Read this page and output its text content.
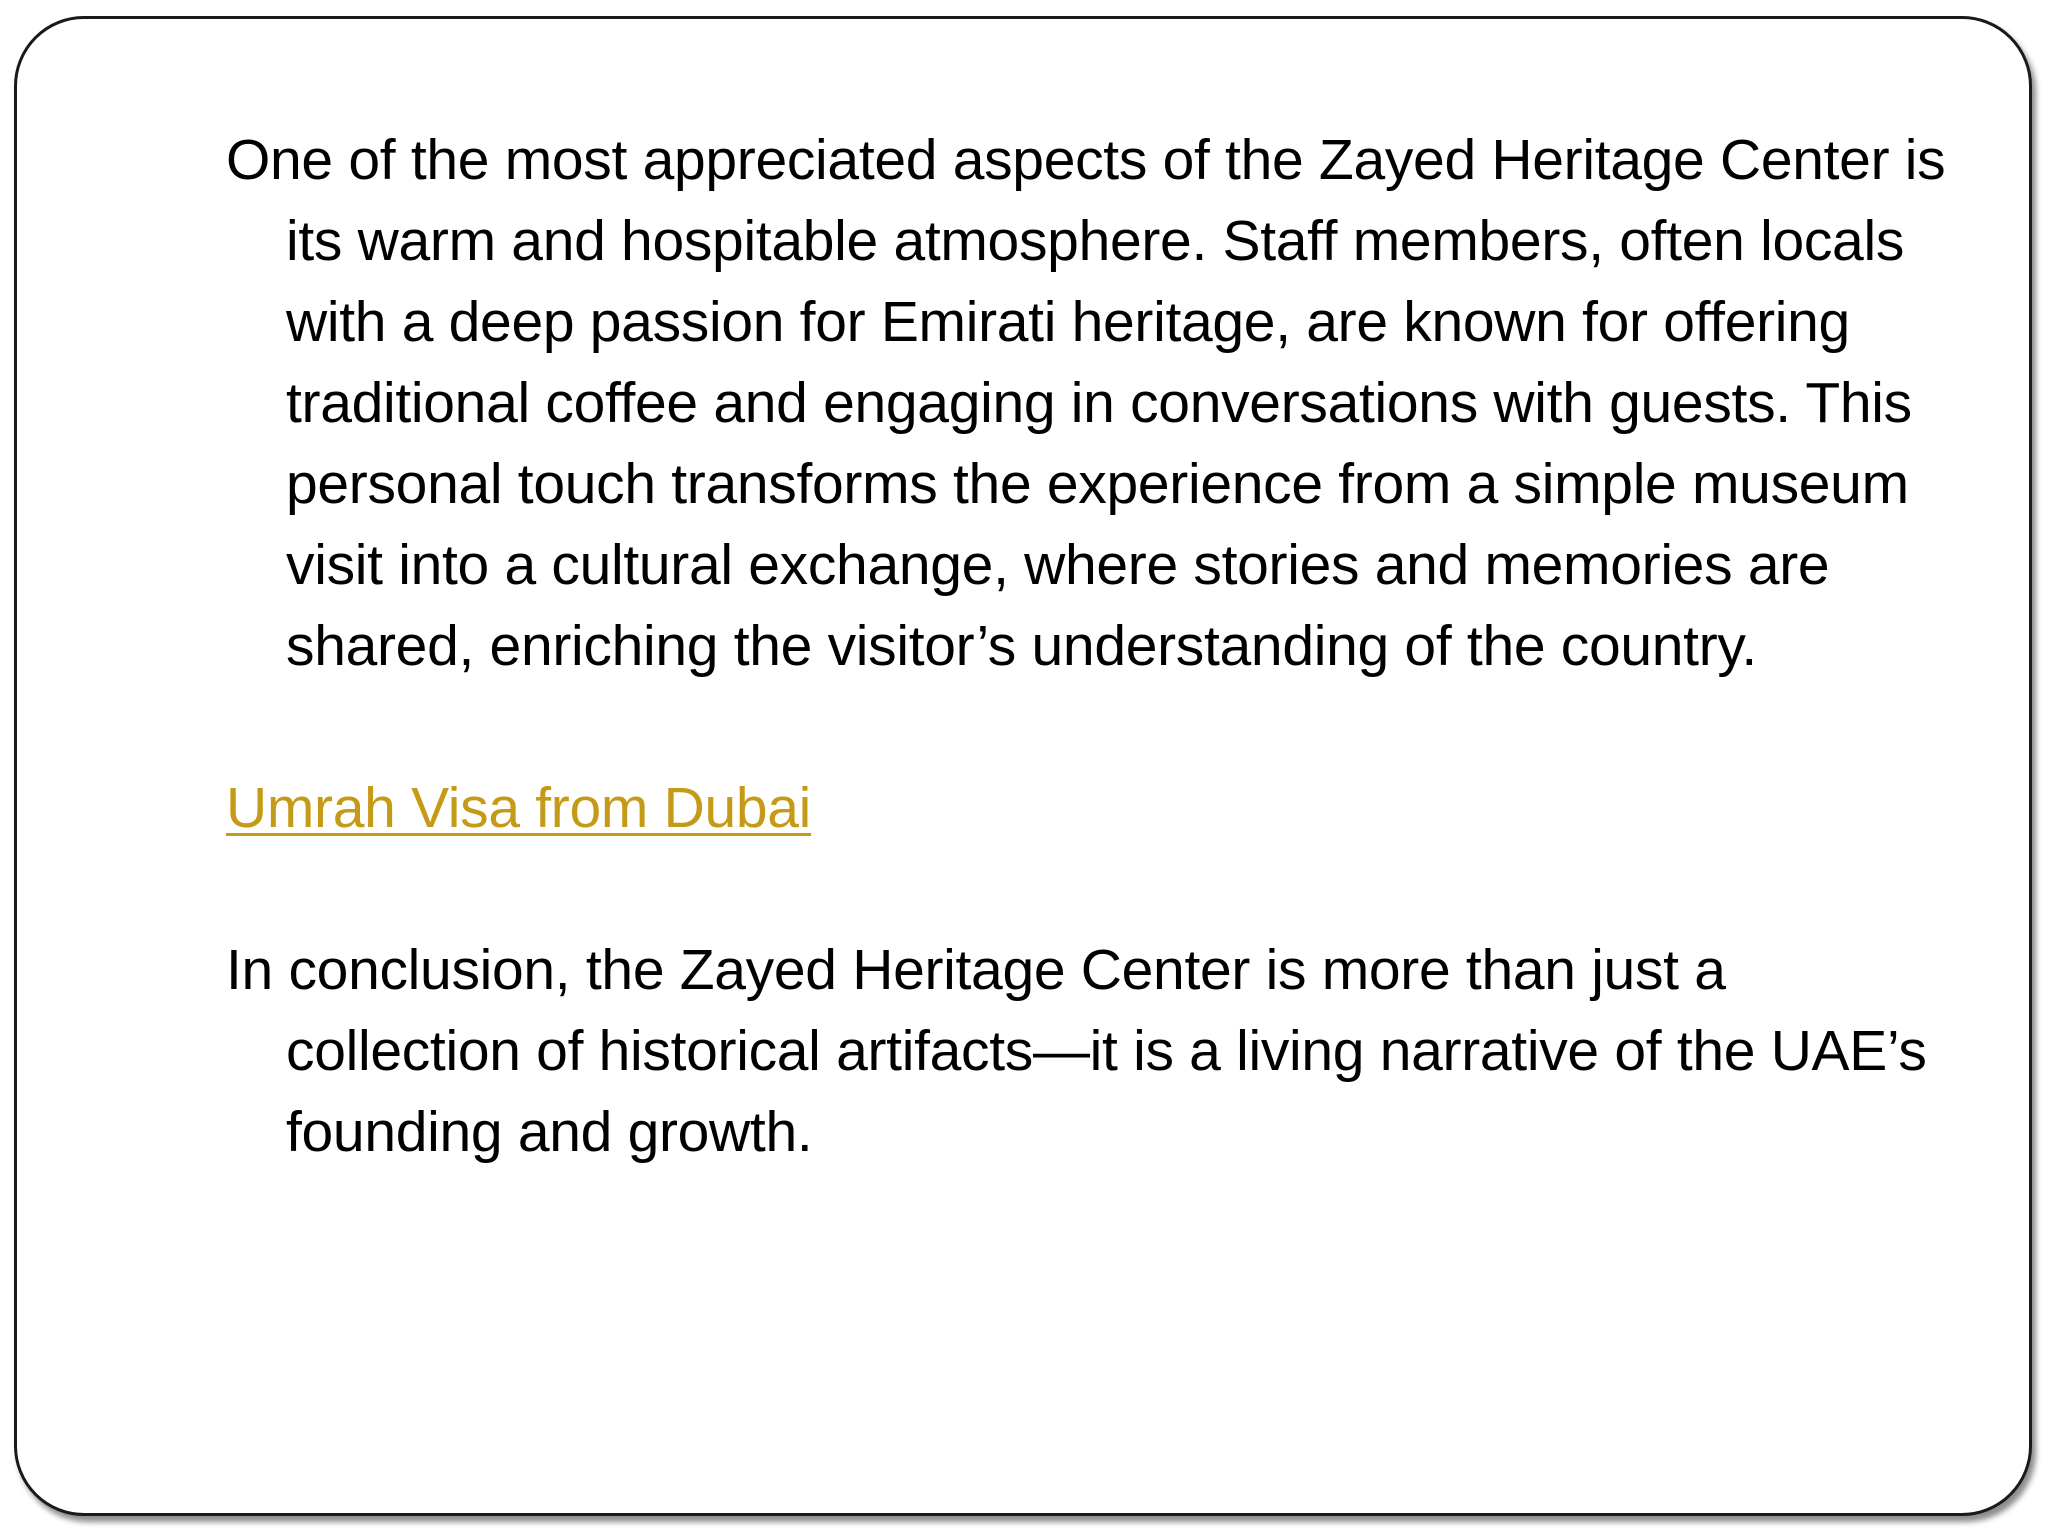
One of the most appreciated aspects of the Zayed Heritage Center is its warm and hospitable atmosphere. Staff members, often locals with a deep passion for Emirati heritage, are known for offering traditional coffee and engaging in conversations with guests. This personal touch transforms the experience from a simple museum visit into a cultural exchange, where stories and memories are shared, enriching the visitor’s understanding of the country.

Umrah Visa from Dubai

In conclusion, the Zayed Heritage Center is more than just a collection of historical artifacts—it is a living narrative of the UAE’s founding and growth.
